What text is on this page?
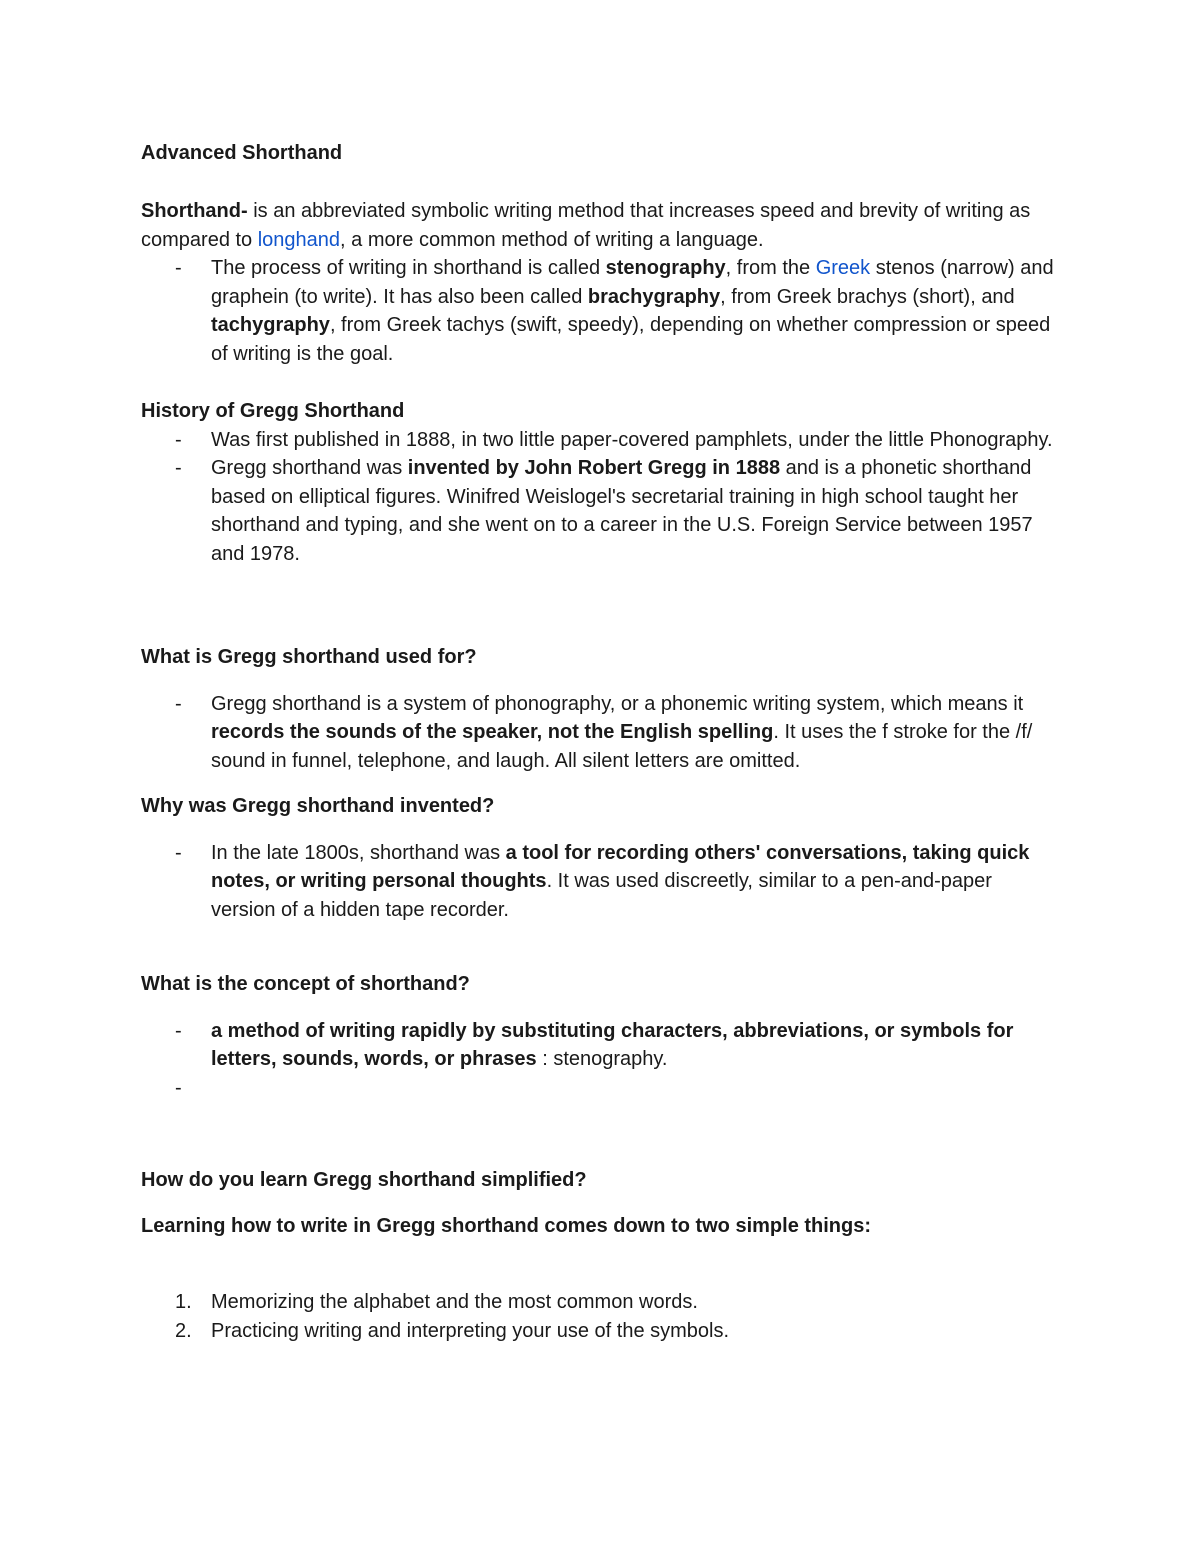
Advanced Shorthand

Shorthand- is an abbreviated symbolic writing method that increases speed and brevity of writing as compared to longhand, a more common method of writing a language.

- The process of writing in shorthand is called stenography, from the Greek stenos (narrow) and graphein (to write). It has also been called brachygraphy, from Greek brachys (short), and tachygraphy, from Greek tachys (swift, speedy), depending on whether compression or speed of writing is the goal.

History of Gregg Shorthand

- Was first published in 1888, in two little paper-covered pamphlets, under the little Phonography.
- Gregg shorthand was invented by John Robert Gregg in 1888 and is a phonetic shorthand based on elliptical figures. Winifred Weislogel's secretarial training in high school taught her shorthand and typing, and she went on to a career in the U.S. Foreign Service between 1957 and 1978.

What is Gregg shorthand used for?

- Gregg shorthand is a system of phonography, or a phonemic writing system, which means it records the sounds of the speaker, not the English spelling. It uses the f stroke for the /f/ sound in funnel, telephone, and laugh. All silent letters are omitted.

Why was Gregg shorthand invented?

- In the late 1800s, shorthand was a tool for recording others' conversations, taking quick notes, or writing personal thoughts. It was used discreetly, similar to a pen-and-paper version of a hidden tape recorder.

What is the concept of shorthand?

- a method of writing rapidly by substituting characters, abbreviations, or symbols for letters, sounds, words, or phrases : stenography.
-

How do you learn Gregg shorthand simplified?

Learning how to write in Gregg shorthand comes down to two simple things:

1. Memorizing the alphabet and the most common words.
2. Practicing writing and interpreting your use of the symbols.
